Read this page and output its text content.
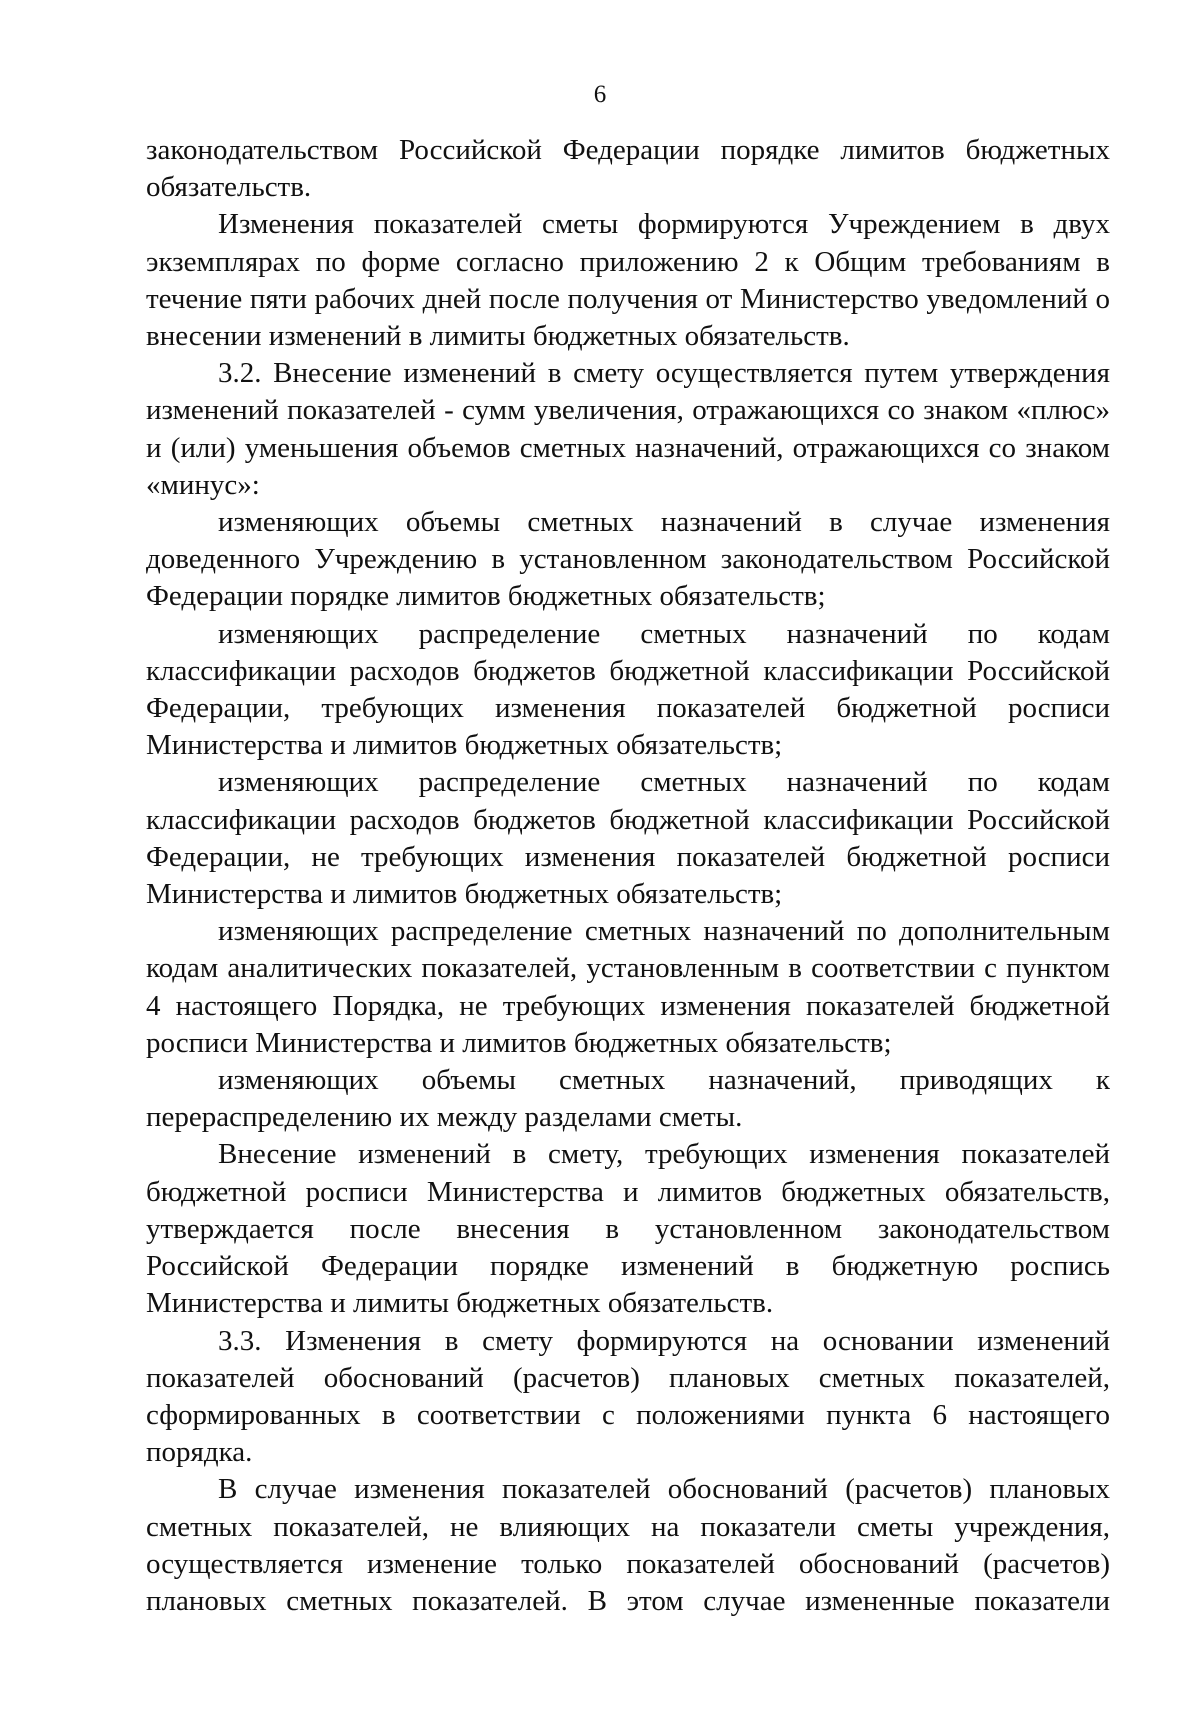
6

законодательством Российской Федерации порядке лимитов бюджетных обязательств.

Изменения показателей сметы формируются Учреждением в двух экземплярах по форме согласно приложению 2 к Общим требованиям в течение пяти рабочих дней после получения от Министерство уведомлений о внесении изменений в лимиты бюджетных обязательств.

3.2. Внесение изменений в смету осуществляется путем утверждения изменений показателей - сумм увеличения, отражающихся со знаком «плюс» и (или) уменьшения объемов сметных назначений, отражающихся со знаком «минус»:

изменяющих объемы сметных назначений в случае изменения доведенного Учреждению в установленном законодательством Российской Федерации порядке лимитов бюджетных обязательств;

изменяющих распределение сметных назначений по кодам классификации расходов бюджетов бюджетной классификации Российской Федерации, требующих изменения показателей бюджетной росписи Министерства и лимитов бюджетных обязательств;

изменяющих распределение сметных назначений по кодам классификации расходов бюджетов бюджетной классификации Российской Федерации, не требующих изменения показателей бюджетной росписи Министерства и лимитов бюджетных обязательств;

изменяющих распределение сметных назначений по дополнительным кодам аналитических показателей, установленным в соответствии с пунктом 4 настоящего Порядка, не требующих изменения показателей бюджетной росписи Министерства и лимитов бюджетных обязательств;

изменяющих объемы сметных назначений, приводящих к перераспределению их между разделами сметы.

Внесение изменений в смету, требующих изменения показателей бюджетной росписи Министерства и лимитов бюджетных обязательств, утверждается после внесения в установленном законодательством Российской Федерации порядке изменений в бюджетную роспись Министерства и лимиты бюджетных обязательств.

3.3. Изменения в смету формируются на основании изменений показателей обоснований (расчетов) плановых сметных показателей, сформированных в соответствии с положениями пункта 6 настоящего порядка.

В случае изменения показателей обоснований (расчетов) плановых сметных показателей, не влияющих на показатели сметы учреждения, осуществляется изменение только показателей обоснований (расчетов) плановых сметных показателей. В этом случае измененные показатели
